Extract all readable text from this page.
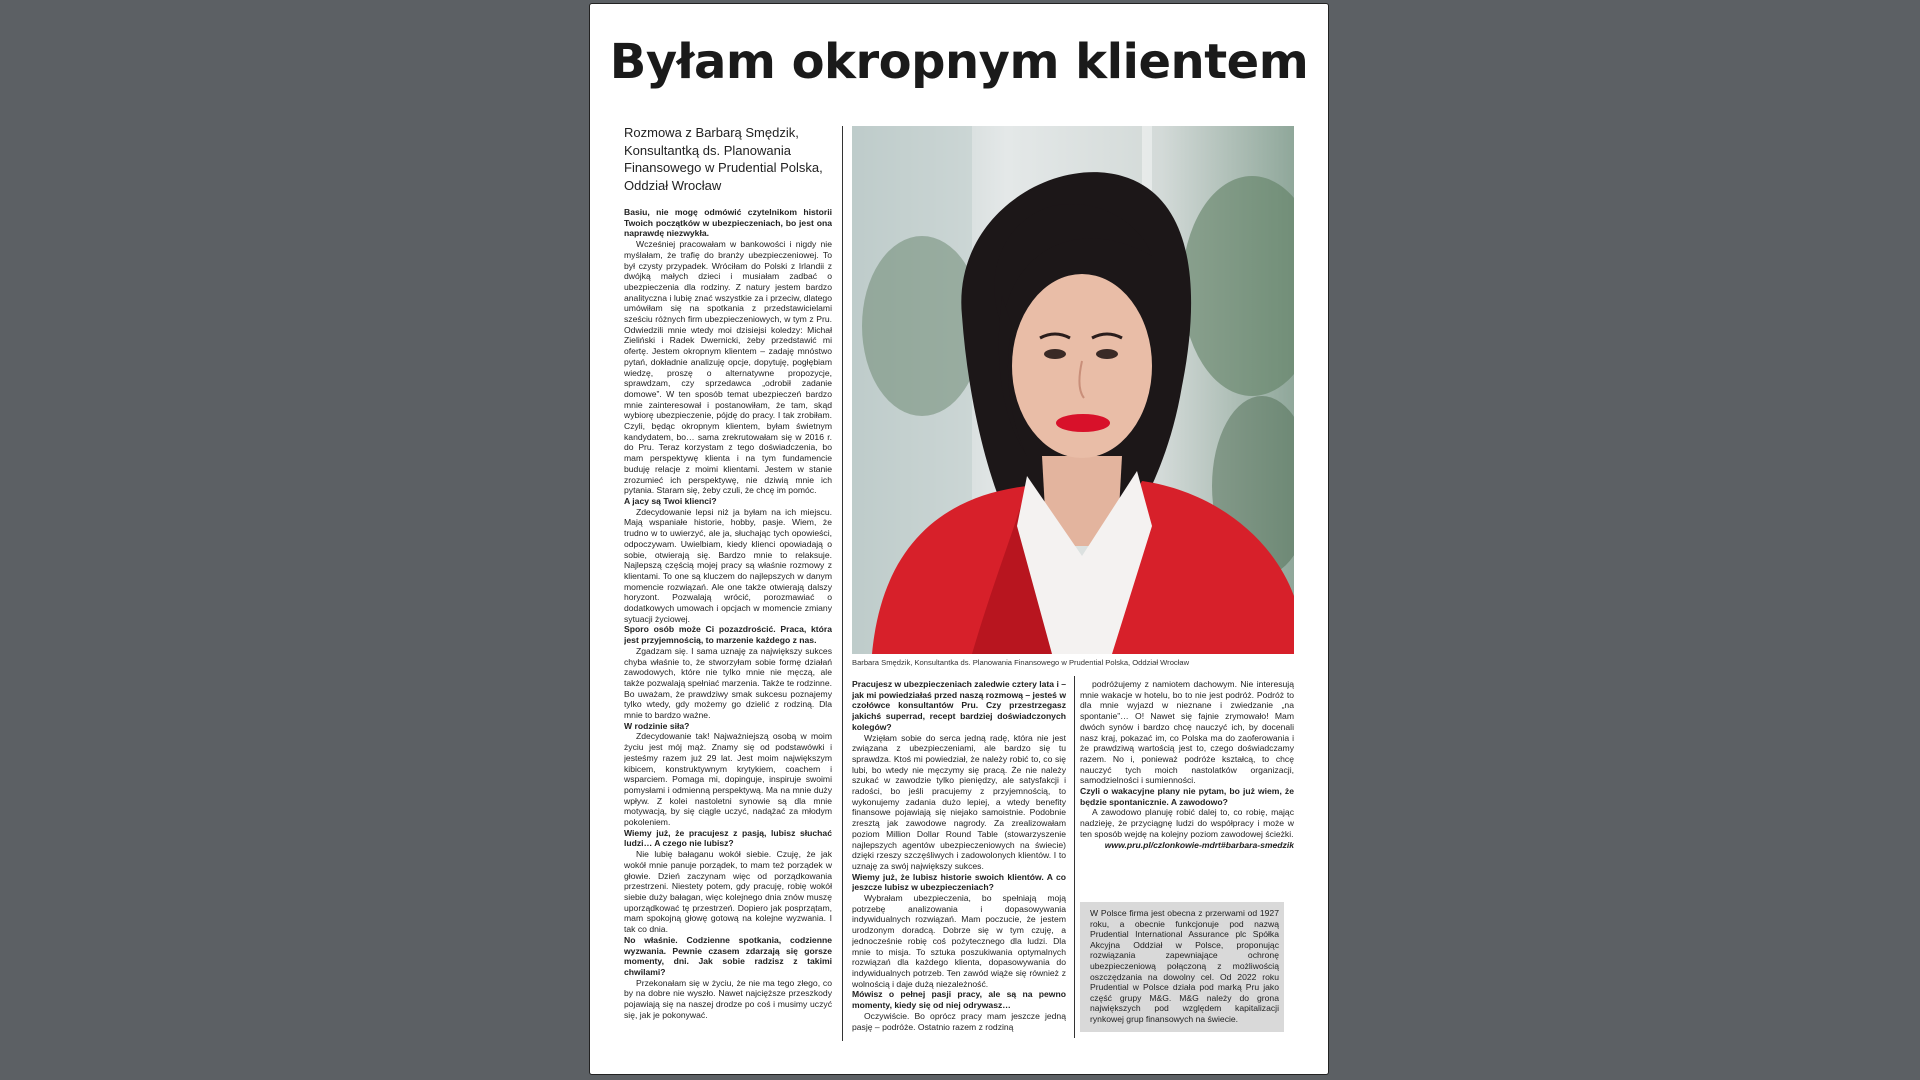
Byłam okropnym klientem
Rozmowa z Barbarą Smędzik, Konsultantką ds. Planowania Finansowego w Prudential Polska, Oddział Wrocław

Basiu, nie mogę odmówić czytelnikom historii Twoich początków w ubezpieczeniach, bo jest ona naprawdę niezwykła.

Wcześniej pracowałam w bankowości i nigdy nie myślałam, że trafię do branży ubezpieczeniowej. To był czysty przypadek. Wróciłam do Polski z Irlandii z dwójką małych dzieci i musiałam zadbać o ubezpieczenia dla rodziny. Z natury jestem bardzo analityczna i lubię znać wszystkie za i przeciw, dlatego umówiłam się na spotkania z przedstawicielami sześciu różnych firm ubezpieczeniowych, w tym z Pru. Odwiedzili mnie wtedy moi dzisiejsi koledzy: Michał Zieliński i Radek Dwernicki, żeby przedstawić mi ofertę. Jestem okropnym klientem – zadaję mnóstwo pytań, dokładnie analizuję opcje, dopytuję, pogłębiam wiedzę, proszę o alternatywne propozycje, sprawdzam, czy sprzedawca „odrobił zadanie domowe”. W ten sposób temat ubezpieczeń bardzo mnie zainteresował i postanowiłam, że tam, skąd wybiorę ubezpieczenie, pójdę do pracy. I tak zrobiłam. Czyli, będąc okropnym klientem, byłam świetnym kandydatem, bo… sama zrekrutowałam się w 2016 r. do Pru. Teraz korzystam z tego doświadczenia, bo mam perspektywę klienta i na tym fundamencie buduję relacje z moimi klientami. Jestem w stanie zrozumieć ich perspektywę, nie dziwią mnie ich pytania. Staram się, żeby czuli, że chcę im pomóc.

A jacy są Twoi klienci?

Zdecydowanie lepsi niż ja byłam na ich miejscu. Mają wspaniałe historie, hobby, pasje. Wiem, że trudno w to uwierzyć, ale ja, słuchając tych opowieści, odpoczywam. Uwielbiam, kiedy klienci opowiadają o sobie, otwierają się. Bardzo mnie to relaksuje. Najlepszą częścią mojej pracy są właśnie rozmowy z klientami. To one są kluczem do najlepszych w danym momencie rozwiązań. Ale one także otwierają dalszy horyzont. Pozwalają wrócić, porozmawiać o dodatkowych umowach i opcjach w momencie zmiany sytuacji życiowej.

Sporo osób może Ci pozazdrościć. Praca, która jest przyjemnością, to marzenie każdego z nas.

Zgadzam się. I sama uznaję za największy sukces chyba właśnie to, że stworzyłam sobie formę działań zawodowych, które nie tylko mnie nie męczą, ale także pozwalają spełniać marzenia. Także te rodzinne. Bo uważam, że prawdziwy smak sukcesu poznajemy tylko wtedy, gdy możemy go dzielić z rodziną. Dla mnie to bardzo ważne.

W rodzinie siła?

Zdecydowanie tak! Najważniejszą osobą w moim życiu jest mój mąż. Znamy się od podstawówki i jesteśmy razem już 29 lat. Jest moim największym kibicem, konstruktywnym krytykiem, coachem i wsparciem. Pomaga mi, dopinguje, inspiruje swoimi pomysłami i odmienną perspektywą. Ma na mnie duży wpływ. Z kolei nastoletni synowie są dla mnie motywacją, by się ciągle uczyć, nadążać za młodym pokoleniem.

Wiemy już, że pracujesz z pasją, lubisz słuchać ludzi… A czego nie lubisz?

Nie lubię bałaganu wokół siebie. Czuję, że jak wokół mnie panuje porządek, to mam też porządek w głowie. Dzień zaczynam więc od porządkowania przestrzeni. Niestety potem, gdy pracuję, robię wokół siebie duży bałagan, więc kolejnego dnia znów muszę uporządkować tę przestrzeń. Dopiero jak posprzątam, mam spokojną głowę gotową na kolejne wyzwania. I tak co dnia.

No właśnie. Codzienne spotkania, codzienne wyzwania. Pewnie czasem zdarzają się gorsze momenty, dni. Jak sobie radzisz z takimi chwilami?

Przekonałam się w życiu, że nie ma tego złego, co by na dobre nie wyszło. Nawet najcięższe przeszkody pojawiają się na naszej drodze po coś i musimy uczyć się, jak je pokonywać.

Barbara Smędzik, Konsultantka ds. Planowania Finansowego w Prudential Polska, Oddział Wrocław

Pracujesz w ubezpieczeniach zaledwie cztery lata i – jak mi powiedziałaś przed naszą rozmową – jesteś w czołówce konsultantów Pru. Czy przestrzegasz jakichś superrad, recept bardziej doświadczonych kolegów?

Wzięłam sobie do serca jedną radę, która nie jest związana z ubezpieczeniami, ale bardzo się tu sprawdza. Ktoś mi powiedział, że należy robić to, co się lubi, bo wtedy nie męczymy się pracą. Że nie należy szukać w zawodzie tylko pieniędzy, ale satysfakcji i radości, bo jeśli pracujemy z przyjemnością, to wykonujemy zadania dużo lepiej, a wtedy benefity finansowe pojawiają się niejako samoistnie. Podobnie zresztą jak zawodowe nagrody. Za zrealizowałam poziom Million Dollar Round Table (stowarzyszenie najlepszych agentów ubezpieczeniowych na świecie) dzięki rzeszy szczęśliwych i zadowolonych klientów. I to uznaję za swój największy sukces.

Wiemy już, że lubisz historie swoich klientów. A co jeszcze lubisz w ubezpieczeniach?

Wybrałam ubezpieczenia, bo spełniają moją potrzebę analizowania i dopasowywania indywidualnych rozwiązań. Mam poczucie, że jestem urodzonym doradcą. Dobrze się w tym czuję, a jednocześnie robię coś pożytecznego dla ludzi. Dla mnie to misja. To sztuka poszukiwania optymalnych rozwiązań dla każdego klienta, dopasowywania do indywidualnych potrzeb. Ten zawód wiąże się również z wolnością i daje dużą niezależność.

Mówisz o pełnej pasji pracy, ale są na pewno momenty, kiedy się od niej odrywasz…

Oczywiście. Bo oprócz pracy mam jeszcze jedną pasję – podróże. Ostatnio razem z rodziną

podróżujemy z namiotem dachowym. Nie interesują mnie wakacje w hotelu, bo to nie jest podróż. Podróż to dla mnie wyjazd w nieznane i zwiedzanie „na spontanie”… O! Nawet się fajnie zrymowało! Mam dwóch synów i bardzo chcę nauczyć ich, by docenali nasz kraj, pokazać im, co Polska ma do zaoferowania i że prawdziwą wartością jest to, czego doświadczamy razem. No i, ponieważ podróże kształcą, to chcę nauczyć tych moich nastolatków organizacji, samodzielności i sumienności.

Czyli o wakacyjne plany nie pytam, bo już wiem, że będzie spontanicznie. A zawodowo?

A zawodowo planuję robić dalej to, co robię, mając nadzieję, że przyciągnę ludzi do współpracy i może w ten sposób wejdę na kolejny poziom zawodowej ścieżki.

www.pru.pl/czlonkowie-mdrt#barbara-smedzik

W Polsce firma jest obecna z przerwami od 1927 roku, a obecnie funkcjonuje pod nazwą Prudential International Assurance plc Spółka Akcyjna Oddział w Polsce, proponując rozwiązania zapewniające ochronę ubezpieczeniową połączoną z możliwością oszczędzania na dowolny cel. Od 2022 roku Prudential w Polsce działa pod marką Pru jako część grupy M&G. M&G należy do grona największych pod względem kapitalizacji rynkowej grup finansowych na świecie.
